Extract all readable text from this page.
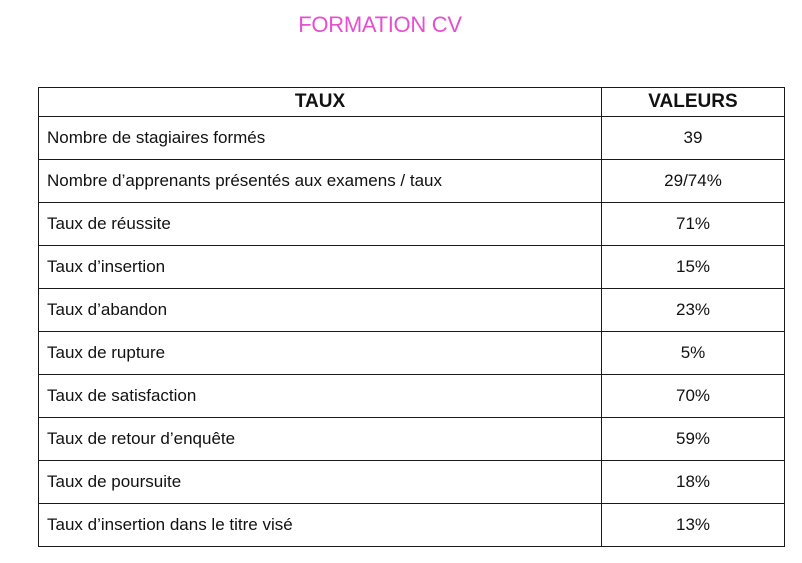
FORMATION CV
TAUX	VALEURS
Nombre de stagiaires formés	39
Nombre d’apprenants présentés aux examens / taux	29/74%
Taux de réussite	71%
Taux d’insertion	15%
Taux d’abandon	23%
Taux de rupture	5%
Taux de satisfaction	70%
Taux de retour d’enquête	59%
Taux de poursuite	18%
Taux d’insertion dans le titre visé	13%
